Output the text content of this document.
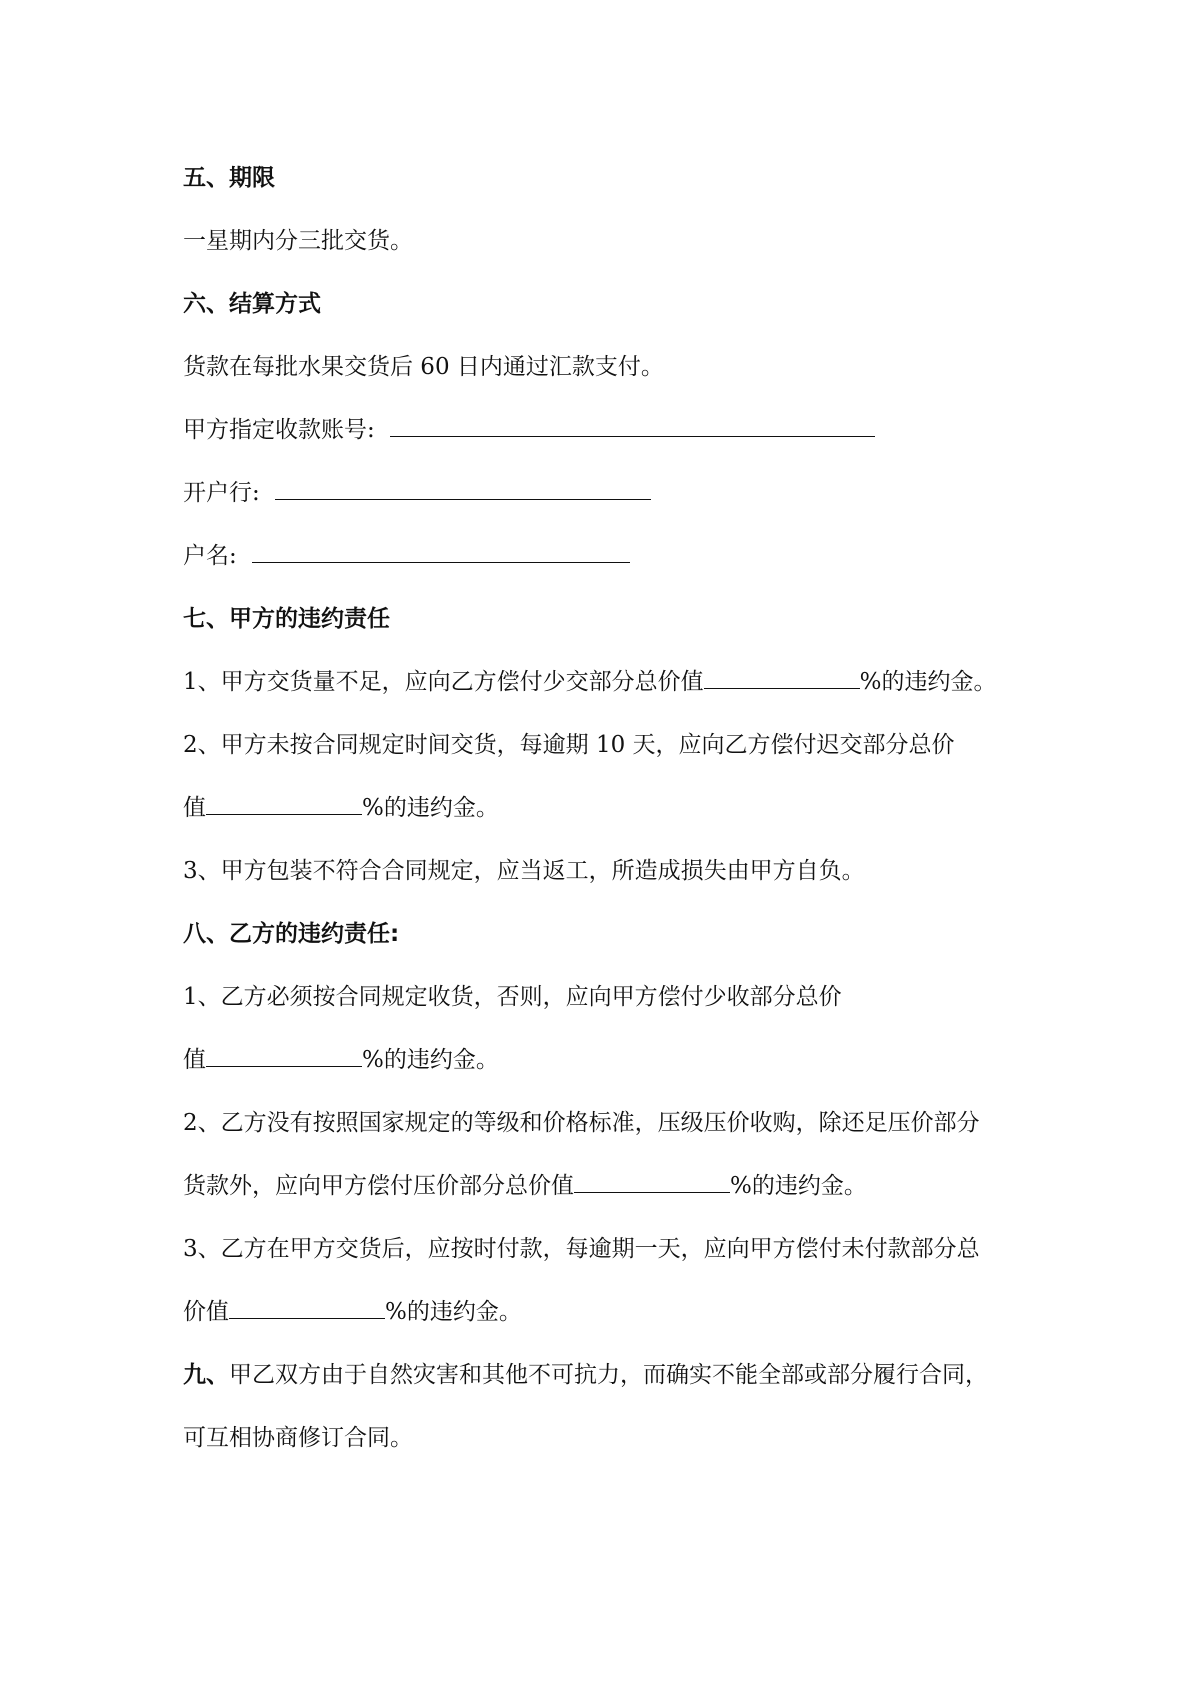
五、期限
一星期内分三批交货。
六、结算方式
货款在每批水果交货后 60 日内通过汇款支付。
甲方指定收款账号:
开户行:
户名:
七、甲方的违约责任
1、甲方交货量不足，应向乙方偿付少交部分总价值	%的违约金。
2、甲方未按合同规定时间交货，每逾期 10 天，应向乙方偿付迟交部分总价
值	%的违约金。
3、甲方包装不符合合同规定，应当返工，所造成损失由甲方自负。
八、乙方的违约责任:
1、乙方必须按合同规定收货，否则，应向甲方偿付少收部分总价
值	%的违约金。
2、乙方没有按照国家规定的等级和价格标准，压级压价收购，除还足压价部分
货款外，应向甲方偿付压价部分总价值	%的违约金。
3、乙方在甲方交货后，应按时付款，每逾期一天，应向甲方偿付未付款部分总
价值	%的违约金。
九、甲乙双方由于自然灾害和其他不可抗力，而确实不能全部或部分履行合同，
可互相协商修订合同。
